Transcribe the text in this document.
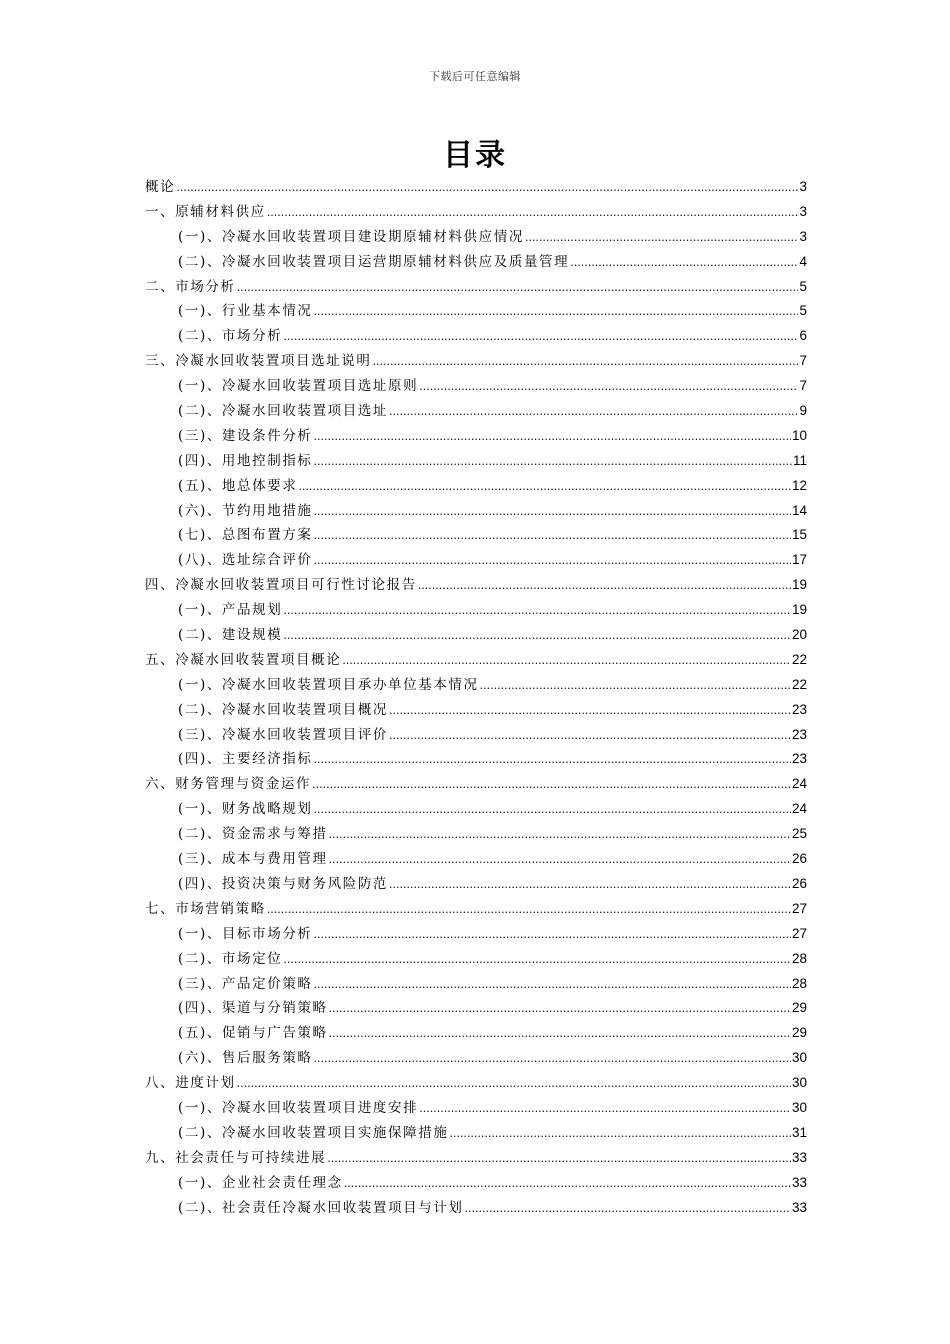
下载后可任意编辑
目录
概论 .....	3
一、原辅材料供应 .....	3
(一)、冷凝水回收装置项目建设期原辅材料供应情况 .....	3
(二)、冷凝水回收装置项目运营期原辅材料供应及质量管理 .....	4
二、市场分析 .....	5
(一)、行业基本情况 .....	5
(二)、市场分析 .....	6
三、冷凝水回收装置项目选址说明 .....	7
(一)、冷凝水回收装置项目选址原则 .....	7
(二)、冷凝水回收装置项目选址 .....	9
(三)、建设条件分析 .....	10
(四)、用地控制指标 .....	11
(五)、地总体要求 .....	12
(六)、节约用地措施 .....	14
(七)、总图布置方案 .....	15
(八)、选址综合评价 .....	17
四、冷凝水回收装置项目可行性讨论报告 .....	19
(一)、产品规划 .....	19
(二)、建设规模 .....	20
五、冷凝水回收装置项目概论 .....	22
(一)、冷凝水回收装置项目承办单位基本情况 .....	22
(二)、冷凝水回收装置项目概况 .....	23
(三)、冷凝水回收装置项目评价 .....	23
(四)、主要经济指标 .....	23
六、财务管理与资金运作 .....	24
(一)、财务战略规划 .....	24
(二)、资金需求与筹措 .....	25
(三)、成本与费用管理 .....	26
(四)、投资决策与财务风险防范 .....	26
七、市场营销策略 .....	27
(一)、目标市场分析 .....	27
(二)、市场定位 .....	28
(三)、产品定价策略 .....	28
(四)、渠道与分销策略 .....	29
(五)、促销与广告策略 .....	29
(六)、售后服务策略 .....	30
八、进度计划 .....	30
(一)、冷凝水回收装置项目进度安排 .....	30
(二)、冷凝水回收装置项目实施保障措施 .....	31
九、社会责任与可持续进展 .....	33
(一)、企业社会责任理念 .....	33
(二)、社会责任冷凝水回收装置项目与计划 .....	33
